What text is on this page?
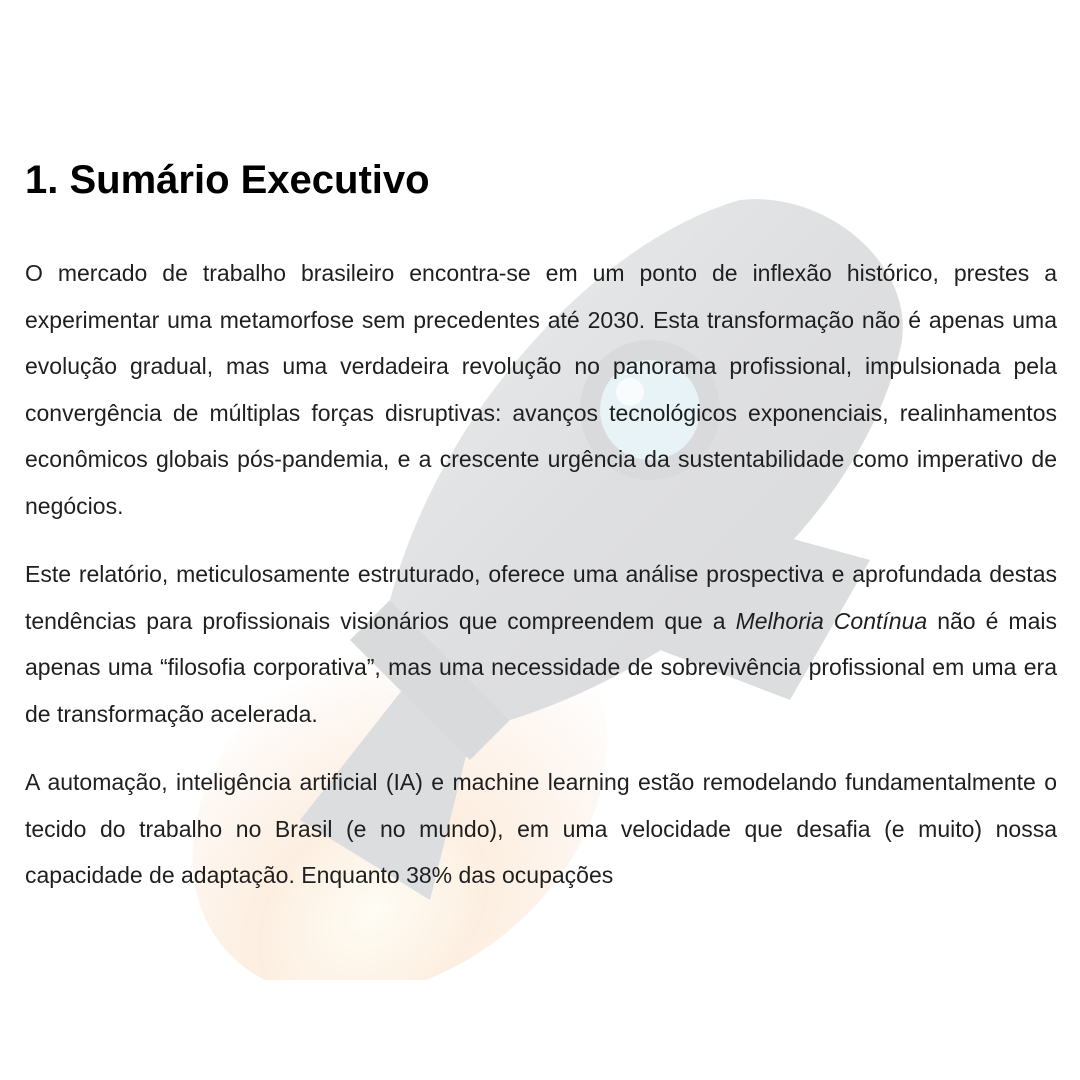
1. Sumário Executivo

O mercado de trabalho brasileiro encontra-se em um ponto de inflexão histórico, prestes a experimentar uma metamorfose sem precedentes até 2030. Esta transformação não é apenas uma evolução gradual, mas uma verdadeira revolução no panorama profissional, impulsionada pela convergência de múltiplas forças disruptivas: avanços tecnológicos exponenciais, realinhamentos econômicos globais pós-pandemia, e a crescente urgência da sustentabilidade como imperativo de negócios.

Este relatório, meticulosamente estruturado, oferece uma análise prospectiva e aprofundada destas tendências para profissionais visionários que compreendem que a Melhoria Contínua não é mais apenas uma “filosofia corporativa”, mas uma necessidade de sobrevivência profissional em uma era de transformação acelerada.

A automação, inteligência artificial (IA) e machine learning estão remodelando fundamentalmente o tecido do trabalho no Brasil (e no mundo), em uma velocidade que desafia (e muito) nossa capacidade de adaptação. Enquanto 38% das ocupações
